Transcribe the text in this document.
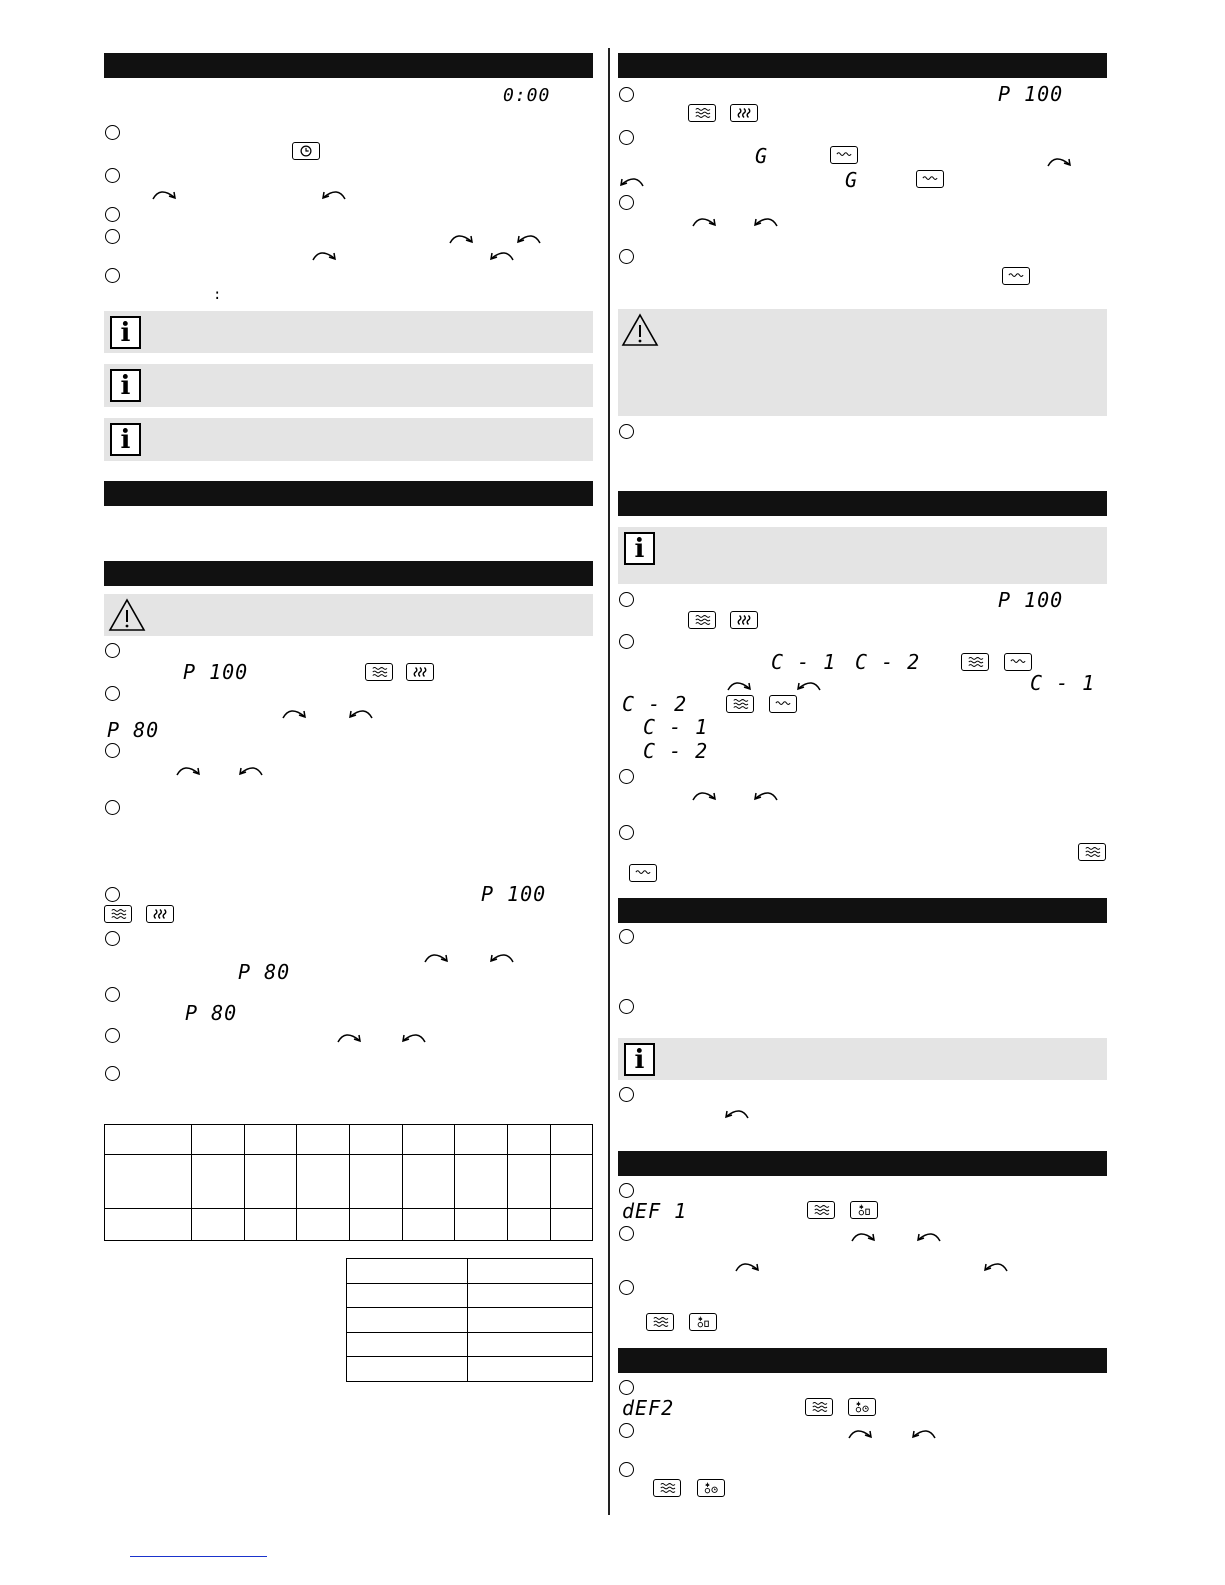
0:00
:
i
i
i
P 100
P 80
P 100
P 80
P 80

P 100
G
G
i
P 100
C - 1 C - 2
C - 1
C - 2
C - 1
C - 2
i
dEF 1
dEF2
